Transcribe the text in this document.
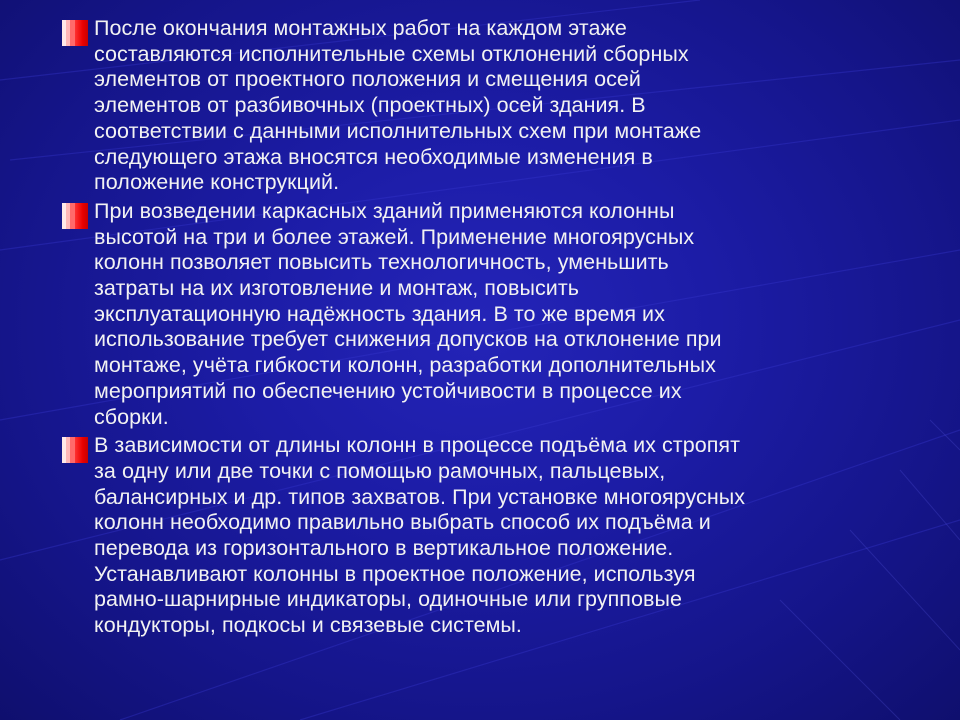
После окончания монтажных работ на каждом этаже
составляются исполнительные схемы отклонений сборных
элементов от проектного положения и смещения осей
элементов от разбивочных (проектных) осей здания. В
соответствии с данными исполнительных схем при монтаже
следующего этажа вносятся необходимые изменения в
положение конструкций.
При возведении каркасных зданий применяются колонны
высотой на три и более этажей. Применение многоярусных
колонн позволяет повысить технологичность, уменьшить
затраты на их изготовление и монтаж, повысить
эксплуатационную надёжность здания. В то же время их
использование требует снижения допусков на отклонение при
монтаже, учёта гибкости колонн, разработки дополнительных
мероприятий по обеспечению устойчивости в процессе их
сборки.
В зависимости от длины колонн в процессе подъёма их стропят
за одну или две точки с помощью рамочных, пальцевых,
балансирных и др. типов захватов. При установке многоярусных
колонн необходимо правильно выбрать способ их подъёма и
перевода из горизонтального в вертикальное положение.
Устанавливают колонны в проектное положение, используя
рамно-шарнирные индикаторы, одиночные или групповые
кондукторы, подкосы и связевые системы.
